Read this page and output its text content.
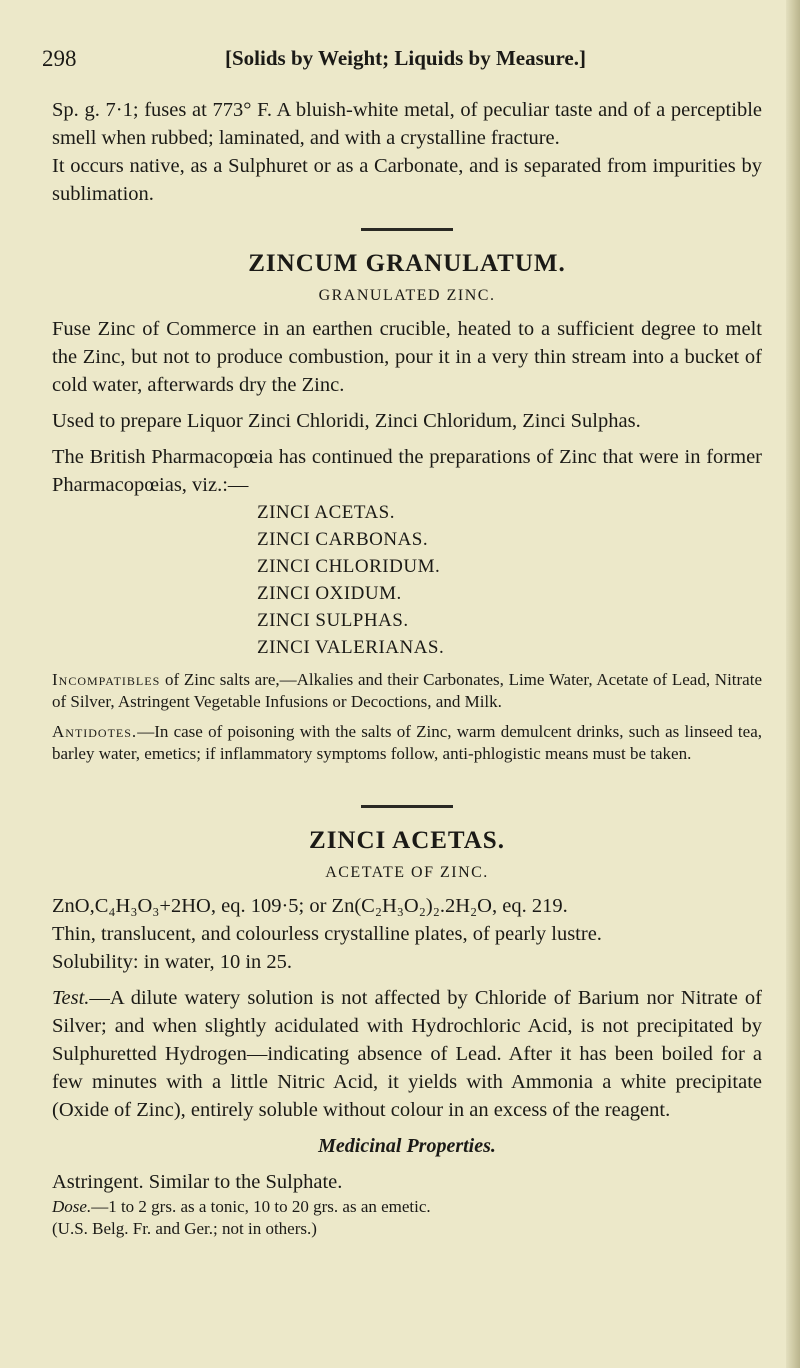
298	[Solids by Weight; Liquids by Measure.]

Sp. g. 7·1; fuses at 773° F. A bluish-white metal, of peculiar taste and of a perceptible smell when rubbed; laminated, and with a crystalline fracture.

It occurs native, as a Sulphuret or as a Carbonate, and is separated from impurities by sublimation.

ZINCUM GRANULATUM.
GRANULATED ZINC.

Fuse Zinc of Commerce in an earthen crucible, heated to a sufficient degree to melt the Zinc, but not to produce combustion, pour it in a very thin stream into a bucket of cold water, afterwards dry the Zinc.

Used to prepare Liquor Zinci Chloridi, Zinci Chloridum, Zinci Sulphas.

The British Pharmacopœia has continued the preparations of Zinc that were in former Pharmacopœias, viz.:—

ZINCI ACETAS.
ZINCI CARBONAS.
ZINCI CHLORIDUM.
ZINCI OXIDUM.
ZINCI SULPHAS.
ZINCI VALERIANAS.

Incompatibles of Zinc salts are,—Alkalies and their Carbonates, Lime Water, Acetate of Lead, Nitrate of Silver, Astringent Vegetable Infusions or Decoctions, and Milk.

Antidotes.—In case of poisoning with the salts of Zinc, warm demulcent drinks, such as linseed tea, barley water, emetics; if inflammatory symptoms follow, anti-phlogistic means must be taken.

ZINCI ACETAS.
ACETATE OF ZINC.

ZnO,C₄H₃O₃+2HO, eq. 109·5; or Zn(C₂H₃O₂)₂.2H₂O, eq. 219.

Thin, translucent, and colourless crystalline plates, of pearly lustre.

Solubility: in water, 10 in 25.

Test.—A dilute watery solution is not affected by Chloride of Barium nor Nitrate of Silver; and when slightly acidulated with Hydrochloric Acid, is not precipitated by Sulphuretted Hydrogen—indicating absence of Lead. After it has been boiled for a few minutes with a little Nitric Acid, it yields with Ammonia a white precipitate (Oxide of Zinc), entirely soluble without colour in an excess of the reagent.

Medicinal Properties.

Astringent. Similar to the Sulphate.

Dose.—1 to 2 grs. as a tonic, 10 to 20 grs. as an emetic.

(U.S. Belg. Fr. and Ger.; not in others.)
